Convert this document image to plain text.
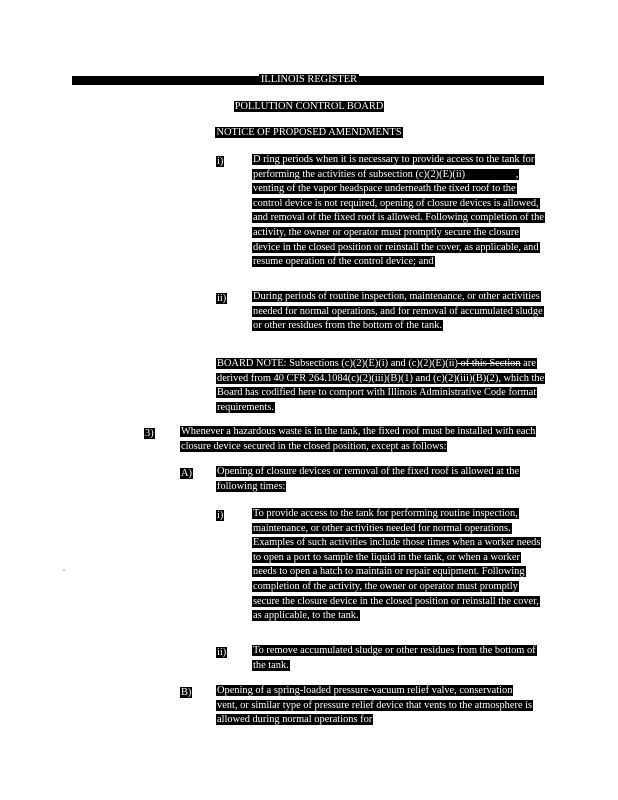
ILLINOIS REGISTER
POLLUTION CONTROL BOARD
NOTICE OF PROPOSED AMENDMENTS
i)	D ring periods when it is necessary to provide access to the tank for performing the activities of subsection (c)(2)(E)(ii)	, venting of the vapor headspace underneath the tixed roof to the control device is not required, opening of closure devices is allowed, and removal of the fixed roof is allowed. Following completion of the activity, the owner or operator must promptly secure the closure device in the closed position or reinstall the cover, as applicable, and resume operation of the control device; and
ii)	During periods of routine inspection, maintenance, or other activities needed for normal operations, and for removal of accumulated sludge or other residues from the bottom of the tank.
BOARD NOTE: Subsections (c)(2)(E)(i) and (c)(2)(E)(ii) of this Section are derived from 40 CFR 264.1084(c)(2)(iii)(B)(1) and (c)(2)(iii)(B)(2), which the Board has codified here to comport with Illinois Administrative Code format requirements.
3)	Whenever a hazardous waste is in the tank, the fixed roof must be installed with each closure device secured in the closed position, except as follows:
A) Opening of closure devices or removal of the fixed roof is allowed at the following times:
i)	To provide access to the tank for performing routine inspection, maintenance, or other activities needed for normal operations. Examples of such activities include those times when a worker needs to open a port to sample the liquid in the tank, or when a worker needs to open a hatch to maintain or repair equipment. Following completion of the activity, the owner or operator must promptly secure the closure device in the closed position or reinstall the cover, as applicable, to the tank.
ii)	To remove accumulated sludge or other residues from the bottom of the tank.
B) Opening of a spring-loaded pressure-vacuum relief valve, conservation vent, or similar type of pressure relief device that vents to the atmosphere is allowed during normal operations for
